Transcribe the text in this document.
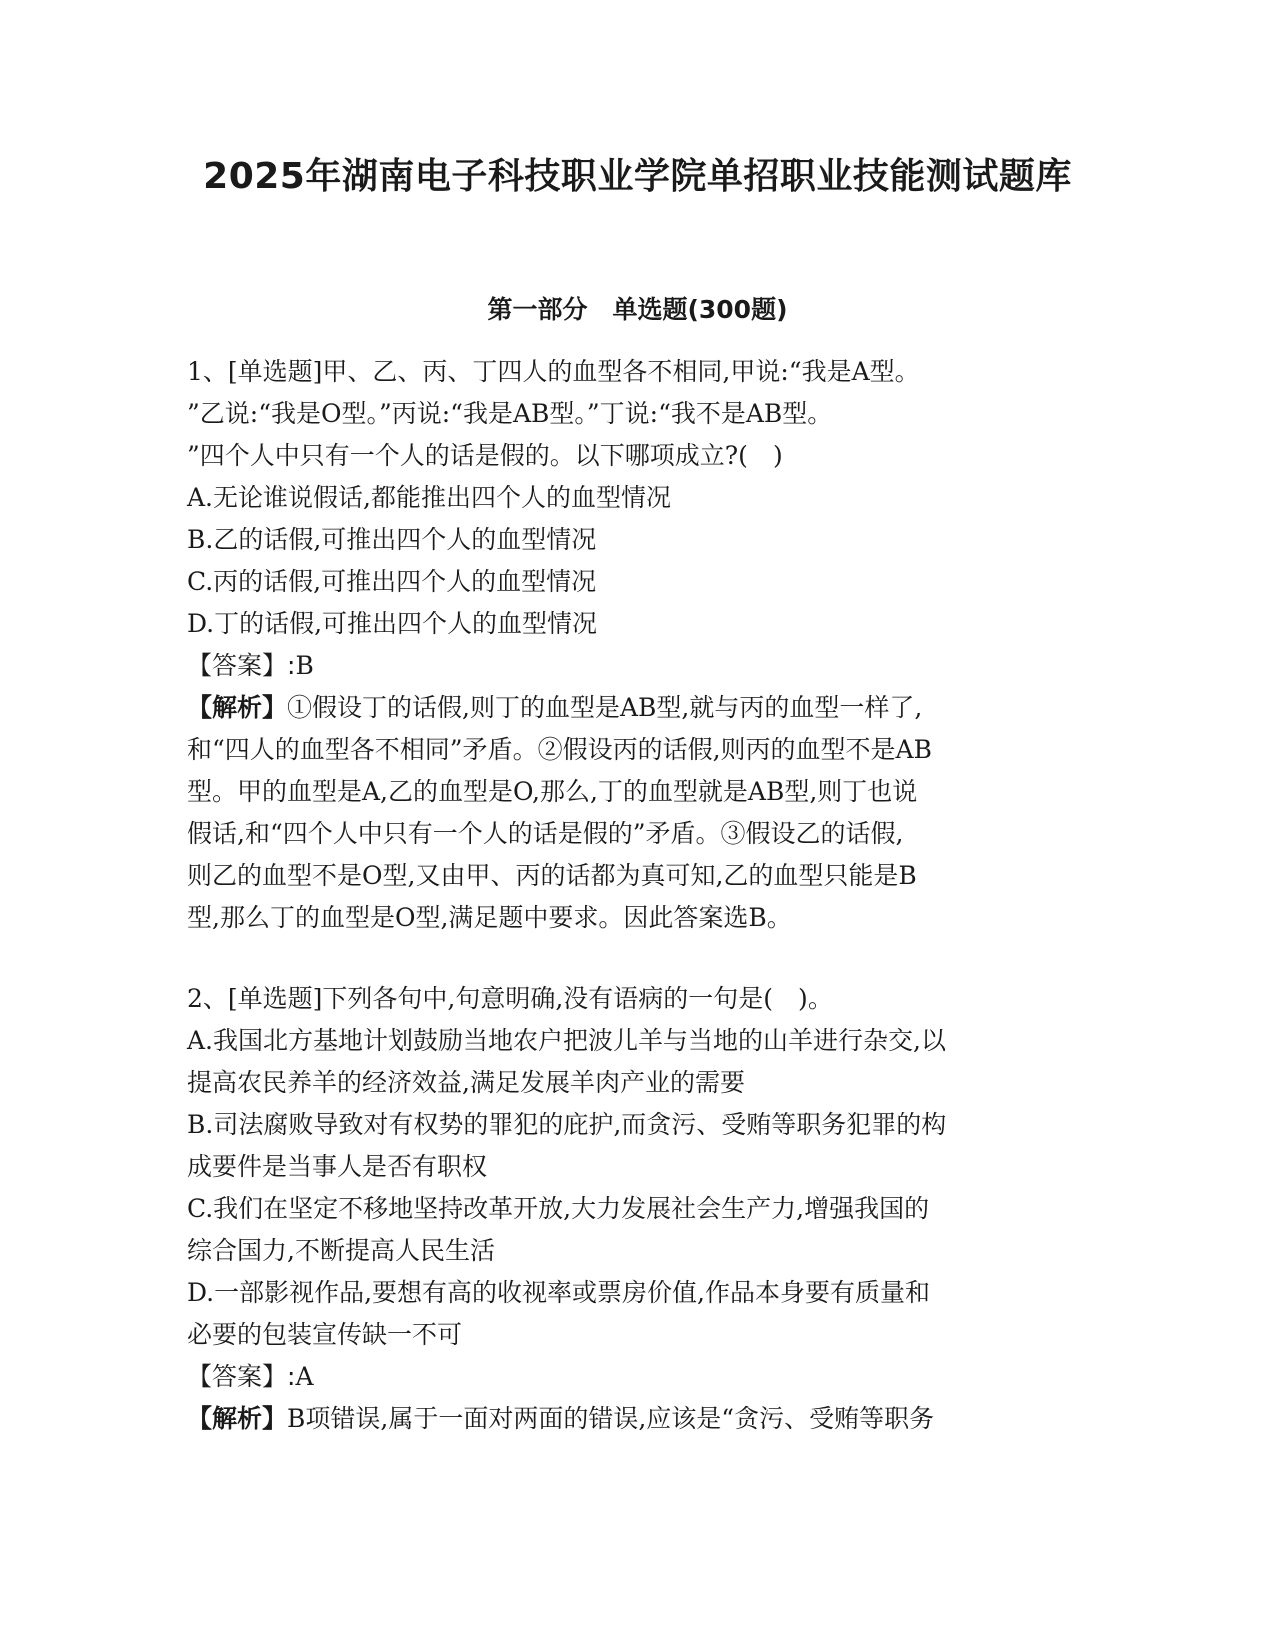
2025年湖南电子科技职业学院单招职业技能测试题库
第一部分　单选题(300题)

1、[单选题]甲、乙、丙、丁四人的血型各不相同,甲说:“我是A型。

”乙说:“我是O型。”丙说:“我是AB型。”丁说:“我不是AB型。

”四个人中只有一个人的话是假的。以下哪项成立?(　)

A.无论谁说假话,都能推出四个人的血型情况

B.乙的话假,可推出四个人的血型情况

C.丙的话假,可推出四个人的血型情况

D.丁的话假,可推出四个人的血型情况

【答案】:B

【解析】①假设丁的话假,则丁的血型是AB型,就与丙的血型一样了,

和“四人的血型各不相同”矛盾。②假设丙的话假,则丙的血型不是AB

型。甲的血型是A,乙的血型是O,那么,丁的血型就是AB型,则丁也说

假话,和“四个人中只有一个人的话是假的”矛盾。③假设乙的话假,

则乙的血型不是O型,又由甲、丙的话都为真可知,乙的血型只能是B

型,那么丁的血型是O型,满足题中要求。因此答案选B。

2、[单选题]下列各句中,句意明确,没有语病的一句是(　)。

A.我国北方基地计划鼓励当地农户把波儿羊与当地的山羊进行杂交,以

提高农民养羊的经济效益,满足发展羊肉产业的需要

B.司法腐败导致对有权势的罪犯的庇护,而贪污、受贿等职务犯罪的构

成要件是当事人是否有职权

C.我们在坚定不移地坚持改革开放,大力发展社会生产力,增强我国的

综合国力,不断提高人民生活

D.一部影视作品,要想有高的收视率或票房价值,作品本身要有质量和

必要的包装宣传缺一不可

【答案】:A

【解析】B项错误,属于一面对两面的错误,应该是“贪污、受贿等职务
